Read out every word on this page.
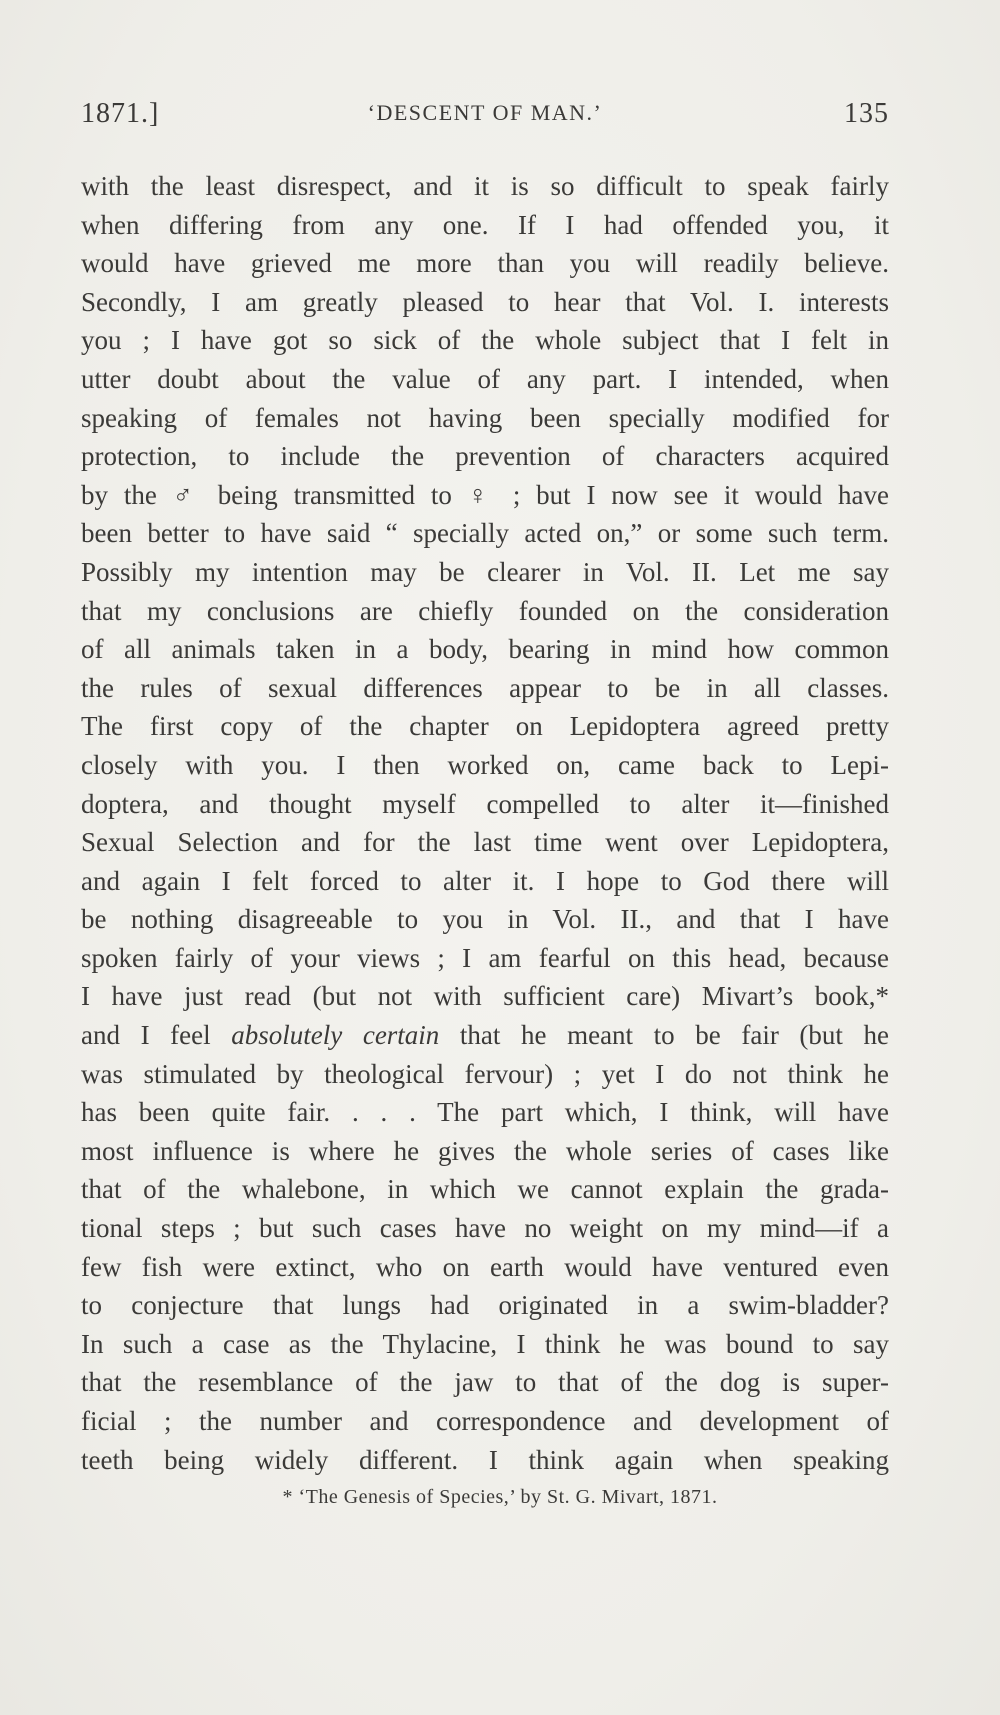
1871.]	‘DESCENT OF MAN.’	135
with the least disrespect, and it is so difficult to speak fairly
when differing from any one. If I had offended you, it
would have grieved me more than you will readily believe.
Secondly, I am greatly pleased to hear that Vol. I. interests
you ; I have got so sick of the whole subject that I felt in
utter doubt about the value of any part. I intended, when
speaking of females not having been specially modified for
protection, to include the prevention of characters acquired
by the ♂ being transmitted to ♀ ; but I now see it would have
been better to have said “ specially acted on,” or some such term.
Possibly my intention may be clearer in Vol. II. Let me say
that my conclusions are chiefly founded on the consideration
of all animals taken in a body, bearing in mind how common
the rules of sexual differences appear to be in all classes.
The first copy of the chapter on Lepidoptera agreed pretty
closely with you. I then worked on, came back to Lepi-
doptera, and thought myself compelled to alter it—finished
Sexual Selection and for the last time went over Lepidoptera,
and again I felt forced to alter it. I hope to God there will
be nothing disagreeable to you in Vol. II., and that I have
spoken fairly of your views ; I am fearful on this head, because
I have just read (but not with sufficient care) Mivart’s book,*
and I feel absolutely certain that he meant to be fair (but he
was stimulated by theological fervour) ; yet I do not think he
has been quite fair. . . . The part which, I think, will have
most influence is where he gives the whole series of cases like
that of the whalebone, in which we cannot explain the grada-
tional steps ; but such cases have no weight on my mind—if a
few fish were extinct, who on earth would have ventured even
to conjecture that lungs had originated in a swim-bladder?
In such a case as the Thylacine, I think he was bound to say
that the resemblance of the jaw to that of the dog is super-
ficial ; the number and correspondence and development of
teeth being widely different. I think again when speaking
* ‘The Genesis of Species,’ by St. G. Mivart, 1871.
